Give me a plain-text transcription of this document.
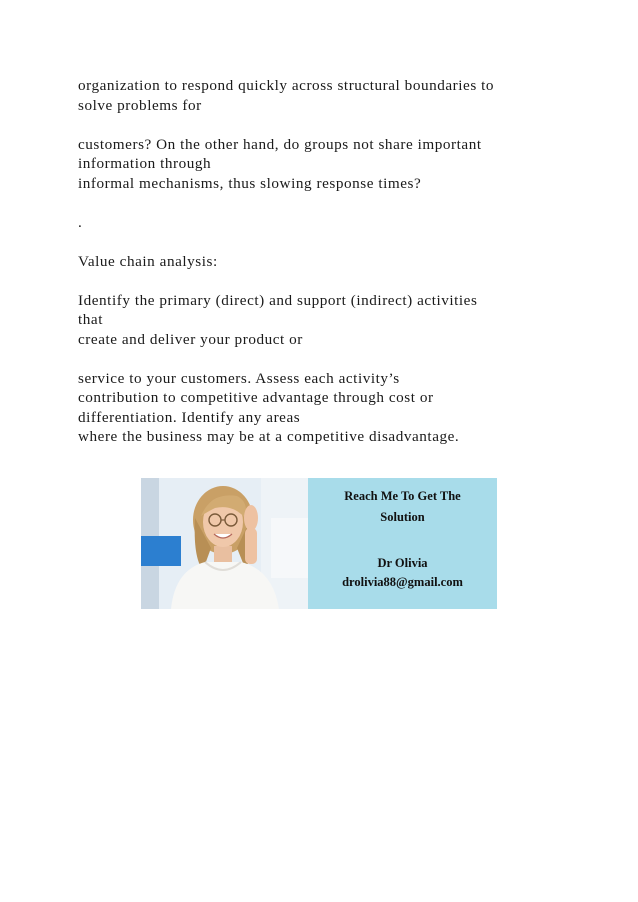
organization to respond quickly across structural boundaries to
solve problems for
customers? On the other hand, do groups not share important
information through
informal mechanisms, thus slowing response times?
.
Value chain analysis:
Identify the primary (direct) and support (indirect) activities
that
create and deliver your product or
service to your customers. Assess each activity’s
contribution to competitive advantage through cost or
differentiation. Identify any areas
where the business may be at a competitive disadvantage.
Reach Me To Get The
Solution
Dr Olivia
drolivia88@gmail.com
